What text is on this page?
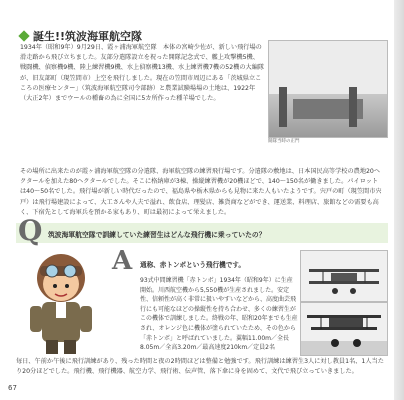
誕生!!筑波海軍航空隊
1934年（昭和9年）9月29日、霞ヶ浦海軍航空隊　本体の宮崎少佐が、新しい飛行場の滑走路から飛び立ちました。友部分遣隊設立を祝った開隊記念式で、艦上攻撃機5機、戦闘機、偵察機9機、陸上練習機9機、水上偵察機13機、水上練習機7機の52機の大編隊が、旧友部町（現笠間市）上空を飛行しました。現在の笠間市周辺にある「茨城県立こころの医療センター」（筑波海軍航空隊司令部跡）と農業試験場場の土地は、1922年（大正2年）までウールの種畜の為に全国に5カ所作った種羊場でした。
開隊当時の正門
その場所に出来たのが霞ヶ浦海軍航空隊の分遣隊、海軍航空隊の練習飛行場です。分遣隊の敷地は、日本国民高等学校の農地20ヘクタールを加えた80ヘクタールでした。そこに格納庫が3棟、操縦練習機が20機ほどで、140〜150名が働きました。パイロットは40〜50名でした。飛行場が新しい時代だったので、福島県や栃木県からも見物に来た人もいたようです。宍戸の町（現笠間市宍戸）は飛行場建設によって、大工さんや人夫で溢れ、飲食店、理髪店、雑貨商などができ、運送業、料理店、旅館などの需要も高く、下宿先として海軍兵を預かる家もあり、町は最初によって栄えました。
Q 筑波海軍航空隊で訓練していた練習生はどんな飛行機に乗っていたの？
A 通称、赤トンボという飛行機です。
93式中間練習機「赤トンボ」1934年（昭和9年）に生産開始。川西航空機から5,550機が生産されました。安定性、信頼性が高く非常に扱いやすいなどから、高度曲芸飛行にも可能なほどの操縦性を持ち合わせ、多くの練習生がこの機体で訓練しました。終戦の年、昭和20年までも生産され、オレンジ色に機体が塗られていたため、その色から「赤トンボ」と呼ばれていました。翼幅11.00m／全長8.05m／全高3.20m／最高速度210km／定員2名
毎日、午前か午後に飛行訓練があり、残った時間と夜の2時間ほどは整備と勉強です。飛行訓練は練習生3人に対し教員1名、1人当たり20分ほどでした。飛行機、飛行機器、航空力学、飛行術、伝声管、落下傘に身を固めて、文代で飛び立っていきました。
67
